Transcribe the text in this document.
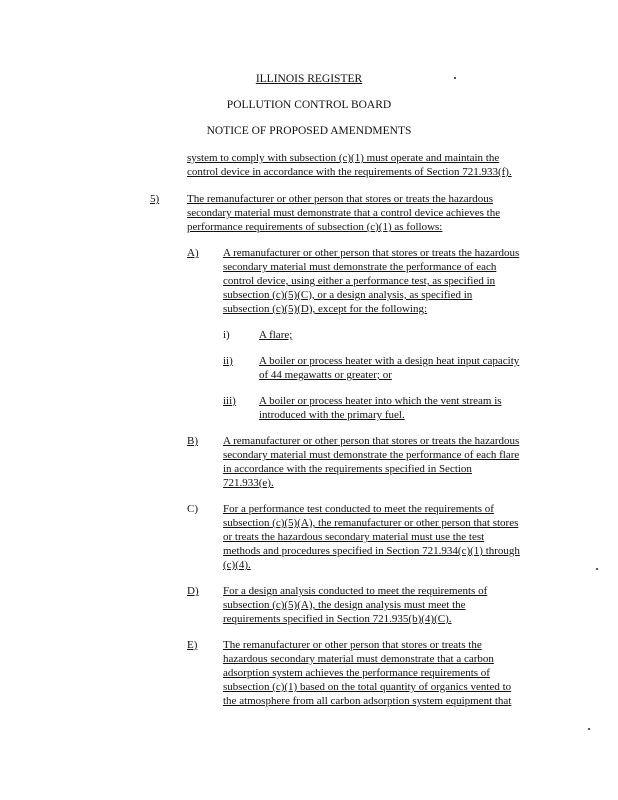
ILLINOIS REGISTER
POLLUTION CONTROL BOARD
NOTICE OF PROPOSED AMENDMENTS
system to comply with subsection (c)(1) must operate and maintain the
control device in accordance with the requirements of Section 721.933(f).
5)	The remanufacturer or other person that stores or treats the hazardous
secondary material must demonstrate that a control device achieves the
performance requirements of subsection (c)(1) as follows:
A) A remanufacturer or other person that stores or treats the hazardous
secondary material must demonstrate the performance of each
control device, using either a performance test, as specified in
subsection (c)(5)(C), or a design analysis, as specified in
subsection (c)(5)(D), except for the following:
i)	A flare;
ii) A boiler or process heater with a design heat input capacity
of 44 megawatts or greater; or
iii) A boiler or process heater into which the vent stream is
introduced with the primary fuel.
B) A remanufacturer or other person that stores or treats the hazardous
secondary material must demonstrate the performance of each flare
in accordance with the requirements specified in Section
721.933(e).
C) For a performance test conducted to meet the requirements of
subsection (c)(5)(A), the remanufacturer or other person that stores
or treats the hazardous secondary material must use the test
methods and procedures specified in Section 721.934(c)(1) through
(c)(4).
D) For a design analysis conducted to meet the requirements of
subsection (c)(5)(A), the design analysis must meet the
requirements specified in Section 721.935(b)(4)(C).
E) The remanufacturer or other person that stores or treats the
hazardous secondary material must demonstrate that a carbon
adsorption system achieves the performance requirements of
subsection (c)(1) based on the total quantity of organics vented to
the atmosphere from all carbon adsorption system equipment that
